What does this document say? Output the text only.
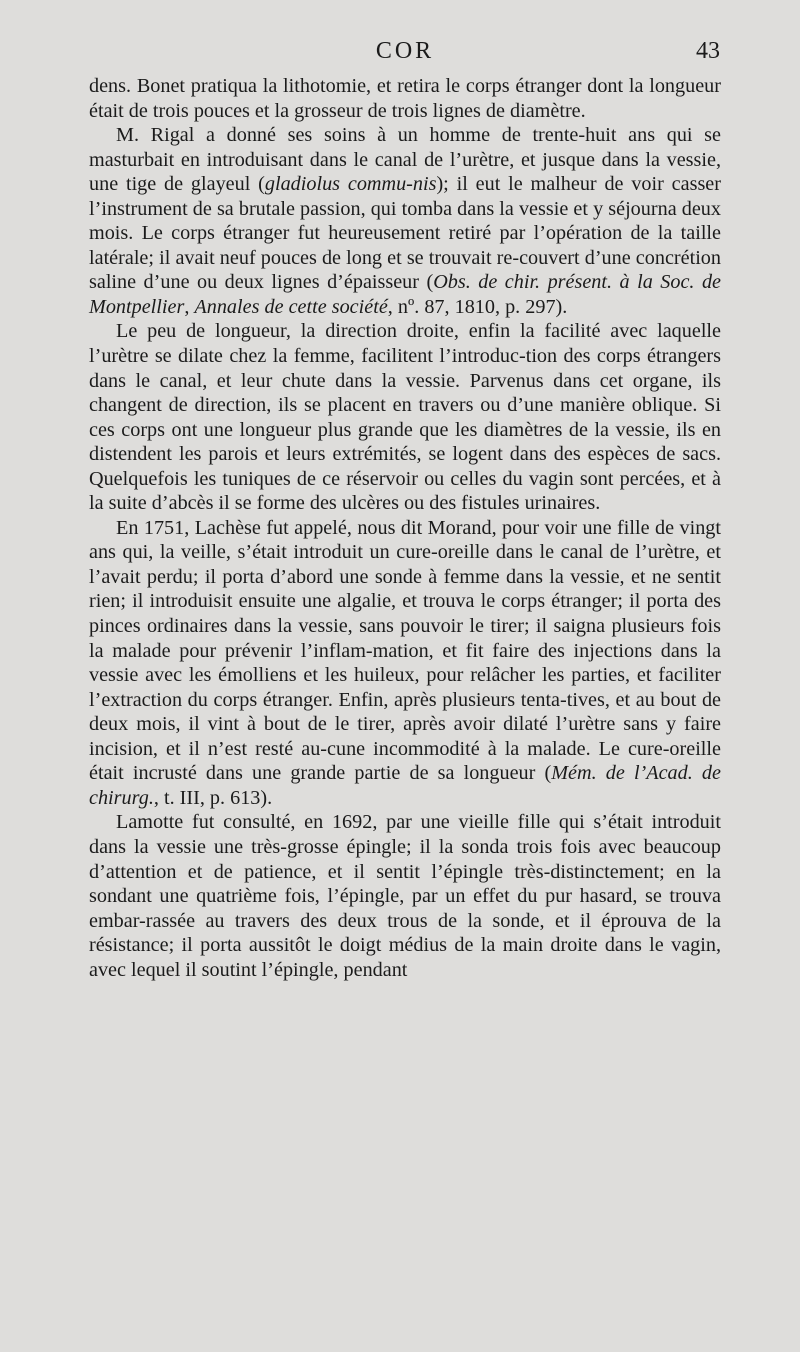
COR	43

dens. Bonet pratiqua la lithotomie, et retira le corps étranger dont la longueur était de trois pouces et la grosseur de trois lignes de diamètre.

M. Rigal a donné ses soins à un homme de trente-huit ans qui se masturbait en introduisant dans le canal de l’urètre, et jusque dans la vessie, une tige de glayeul (gladiolus commu-nis); il eut le malheur de voir casser l’instrument de sa brutale passion, qui tomba dans la vessie et y séjourna deux mois. Le corps étranger fut heureusement retiré par l’opération de la taille latérale; il avait neuf pouces de long et se trouvait re-couvert d’une concrétion saline d’une ou deux lignes d’épaisseur (Obs. de chir. présent. à la Soc. de Montpellier, Annales de cette société, nº. 87, 1810, p. 297).

Le peu de longueur, la direction droite, enfin la facilité avec laquelle l’urètre se dilate chez la femme, facilitent l’introduc-tion des corps étrangers dans le canal, et leur chute dans la vessie. Parvenus dans cet organe, ils changent de direction, ils se placent en travers ou d’une manière oblique. Si ces corps ont une longueur plus grande que les diamètres de la vessie, ils en distendent les parois et leurs extrémités, se logent dans des espèces de sacs. Quelquefois les tuniques de ce réservoir ou celles du vagin sont percées, et à la suite d’abcès il se forme des ulcères ou des fistules urinaires.

En 1751, Lachèse fut appelé, nous dit Morand, pour voir une fille de vingt ans qui, la veille, s’était introduit un cure-oreille dans le canal de l’urètre, et l’avait perdu; il porta d’abord une sonde à femme dans la vessie, et ne sentit rien; il introduisit ensuite une algalie, et trouva le corps étranger; il porta des pinces ordinaires dans la vessie, sans pouvoir le tirer; il saigna plusieurs fois la malade pour prévenir l’inflam-mation, et fit faire des injections dans la vessie avec les émolliens et les huileux, pour relâcher les parties, et faciliter l’extraction du corps étranger. Enfin, après plusieurs tenta-tives, et au bout de deux mois, il vint à bout de le tirer, après avoir dilaté l’urètre sans y faire incision, et il n’est resté au-cune incommodité à la malade. Le cure-oreille était incrusté dans une grande partie de sa longueur (Mém. de l’Acad. de chirurg., t. III, p. 613).

Lamotte fut consulté, en 1692, par une vieille fille qui s’était introduit dans la vessie une très-grosse épingle; il la sonda trois fois avec beaucoup d’attention et de patience, et il sentit l’épingle très-distinctement; en la sondant une quatrième fois, l’épingle, par un effet du pur hasard, se trouva embar-rassée au travers des deux trous de la sonde, et il éprouva de la résistance; il porta aussitôt le doigt médius de la main droite dans le vagin, avec lequel il soutint l’épingle, pendant
